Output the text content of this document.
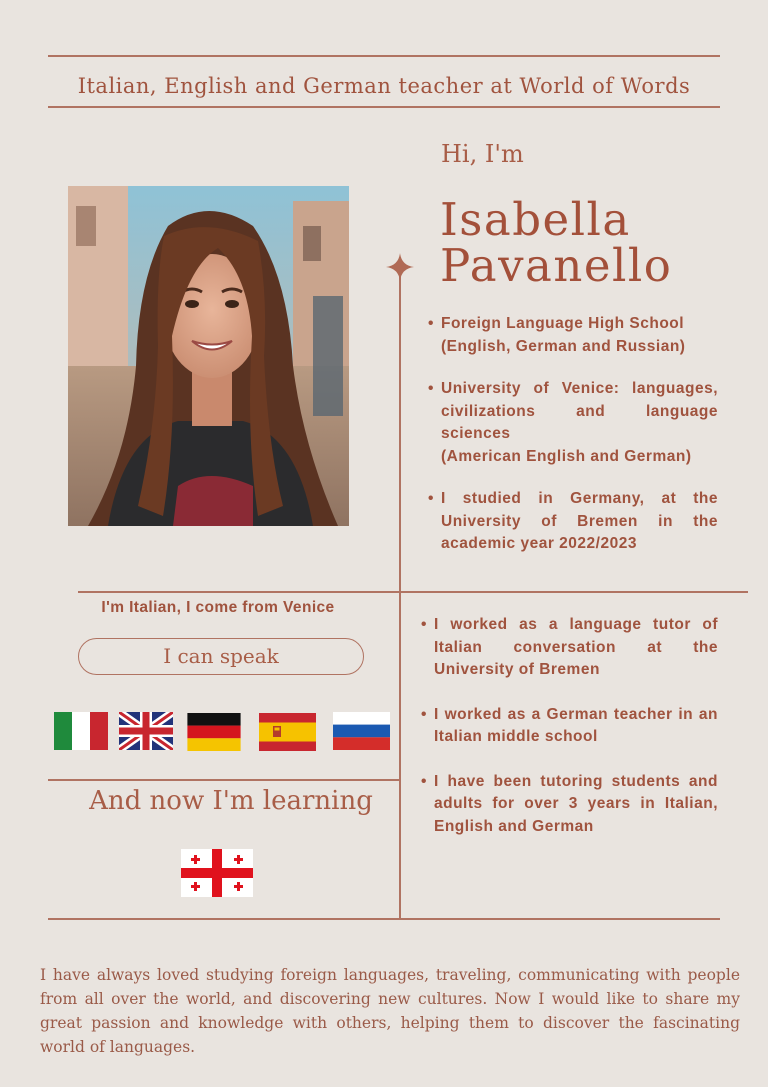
Italian, English and German teacher at World of Words
Hi, I'm
Isabella
Pavanello
• Foreign Language High School
(English, German and Russian)
• University of Venice: languages, civilizations and language sciences
(American English and German)
• I studied in Germany, at the University of Bremen in the academic year 2022/2023
• I worked as a language tutor of Italian conversation at the University of Bremen
• I worked as a German teacher in an Italian middle school
• I have been tutoring students and adults for over 3 years in Italian, English and German
I'm Italian, I come from Venice
I can speak
And now I'm learning
I have always loved studying foreign languages, traveling, communicating with people from all over the world, and discovering new cultures. Now I would like to share my great passion and knowledge with others, helping them to discover the fascinating world of languages.
